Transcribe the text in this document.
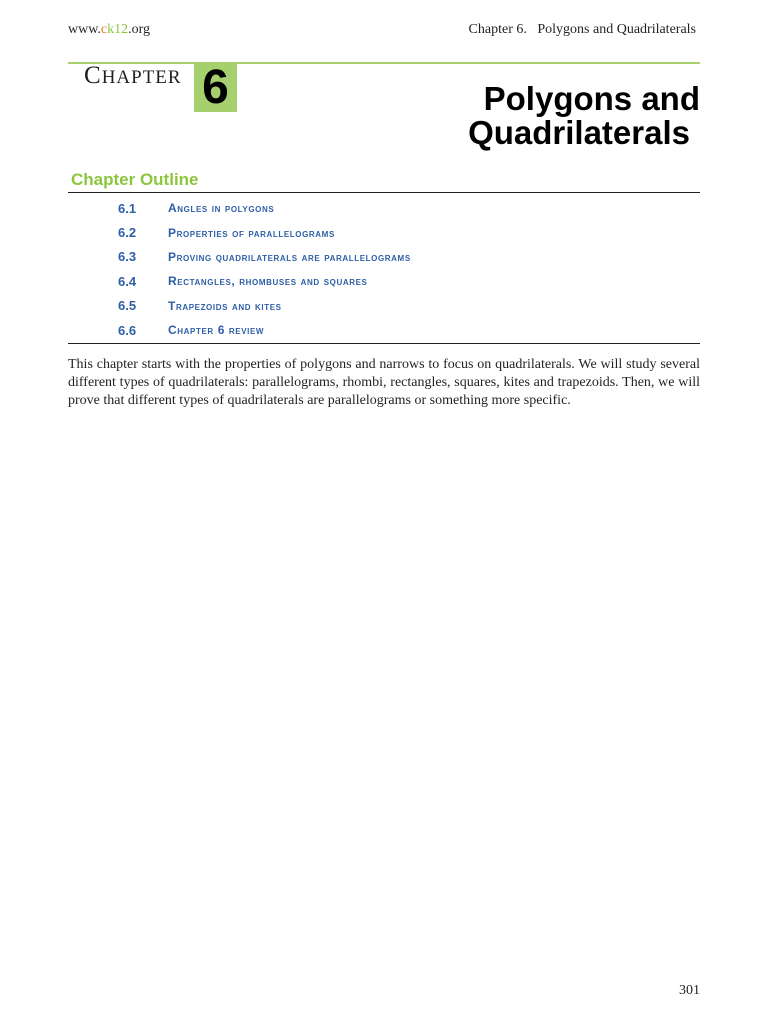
www.ck12.org	Chapter 6.   Polygons and Quadrilaterals
CHAPTER 6	Polygons and
Quadrilaterals
Chapter Outline
6.1	angles in polygons
6.2	properties of parallelograms
6.3	proving quadrilaterals are parallelograms
6.4	rectangles, rhombuses and squares
6.5	trapezoids and kites
6.6	chapter 6 review

This chapter starts with the properties of polygons and narrows to focus on quadrilaterals. We will study several different types of quadrilaterals: parallelograms, rhombi, rectangles, squares, kites and trapezoids. Then, we will prove that different types of quadrilaterals are parallelograms or something more specific.

301
